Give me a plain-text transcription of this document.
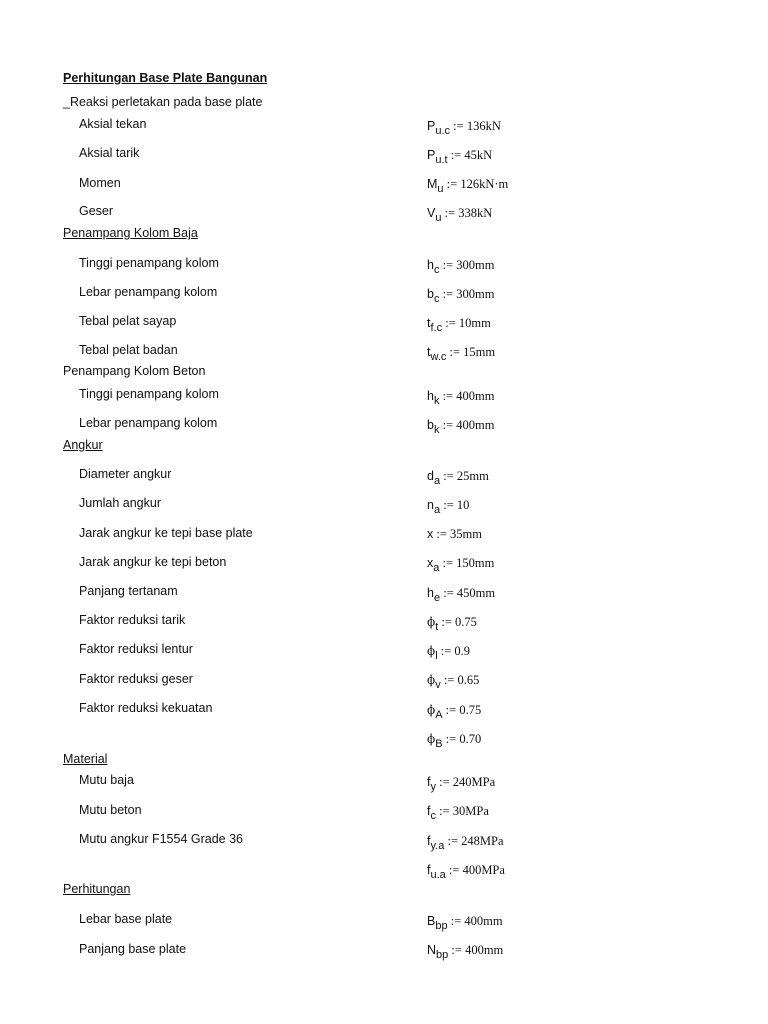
Perhitungan Base Plate Bangunan
_Reaksi perletakan pada base plate
Aksial tekan	$P_{u.c}$ := 136kN
Aksial tarik	$P_{u.t}$ := 45kN
Momen	$M_u$ := 126kN·m
Geser	$V_u$ := 338kN
Penampang Kolom Baja
Tinggi penampang kolom	$h_c$ := 300mm
Lebar penampang kolom	$b_c$ := 300mm
Tebal pelat sayap	$t_{f.c}$ := 10mm
Tebal pelat badan	$t_{w.c}$ := 15mm
Penampang Kolom Beton
Tinggi penampang kolom	$h_k$ := 400mm
Lebar penampang kolom	$b_k$ := 400mm
Angkur
Diameter angkur	$d_a$ := 25mm
Jumlah angkur	$n_a$ := 10
Jarak angkur ke tepi base plate	x := 35mm
Jarak angkur ke tepi beton	$x_a$ := 150mm
Panjang tertanam	$h_e$ := 450mm
Faktor reduksi tarik	$\phi_t$ := 0.75
Faktor reduksi lentur	$\phi_l$ := 0.9
Faktor reduksi geser	$\phi_v$ := 0.65
Faktor reduksi kekuatan	$\phi_A$ := 0.75
$\phi_B$ := 0.70
Material
Mutu baja	$f_y$ := 240MPa
Mutu beton	$f_c$ := 30MPa
Mutu angkur F1554 Grade 36	$f_{y.a}$ := 248MPa
$f_{u.a}$ := 400MPa
Perhitungan
Lebar base plate	$B_{bp}$ := 400mm
Panjang base plate	$N_{bp}$ := 400mm
